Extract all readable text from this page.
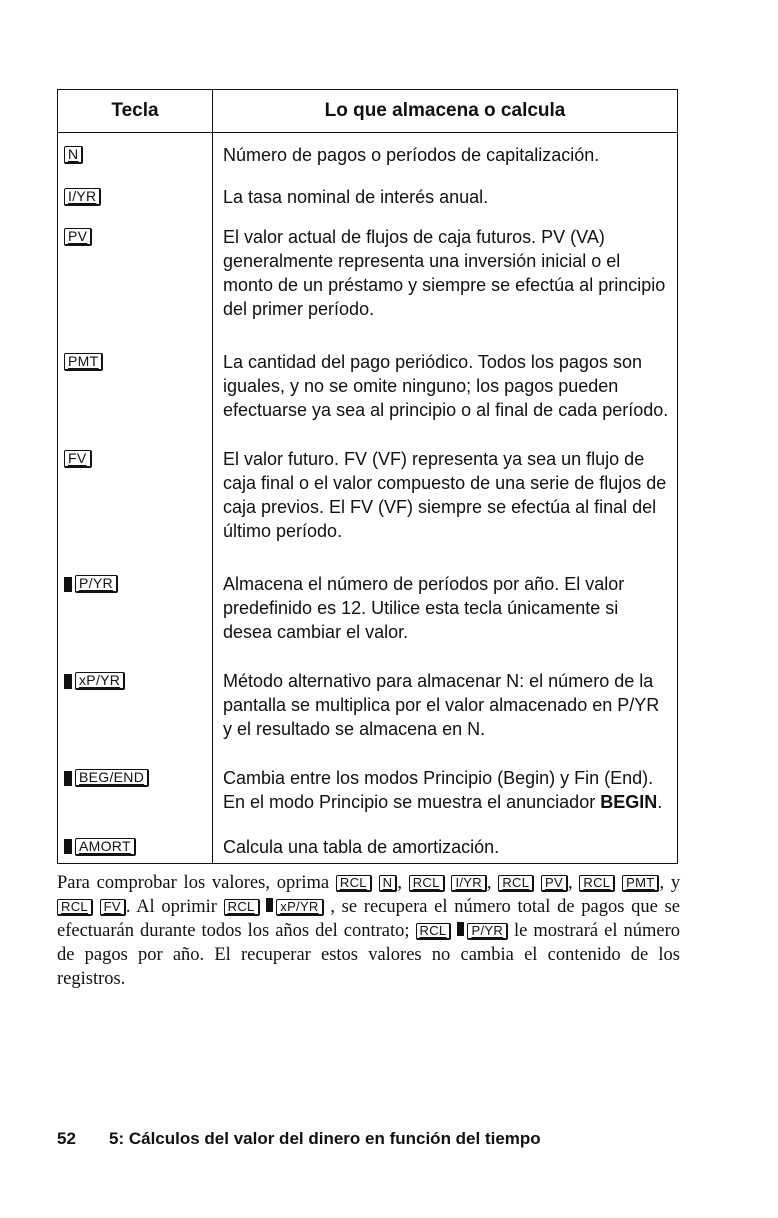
Tecla	Lo que almacena o calcula

N	Número de pagos o períodos de capitalización.

I/YR	La tasa nominal de interés anual.

PV	El valor actual de flujos de caja futuros. PV (VA) generalmente representa una inversión inicial o el monto de un préstamo y siempre se efectúa al principio del primer período.

PMT	La cantidad del pago periódico. Todos los pagos son iguales, y no se omite ninguno; los pagos pueden efectuarse ya sea al principio o al final de cada período.

FV	El valor futuro. FV (VF) representa ya sea un flujo de caja final o el valor compuesto de una serie de flujos de caja previos. El FV (VF) siempre se efectúa al final del último período.

P/YR	Almacena el número de períodos por año. El valor predefinido es 12. Utilice esta tecla únicamente si desea cambiar el valor.

xP/YR	Método alternativo para almacenar N: el número de la pantalla se multiplica por el valor almacenado en P/YR y el resultado se almacena en N.

BEG/END	Cambia entre los modos Principio (Begin) y Fin (End). En el modo Principio se muestra el anunciador BEGIN.

AMORT	Calcula una tabla de amortización.

Para comprobar los valores, oprima RCL N , RCL I/YR , RCL PV , RCL PMT , y RCL FV . Al oprimir RCL xP/YR , se recupera el número total de pagos que se efectuarán durante todos los años del contrato; RCL P/YR le mostrará el número de pagos por año. El recuperar estos valores no cambia el contenido de los registros.

52 5: Cálculos del valor del dinero en función del tiempo
